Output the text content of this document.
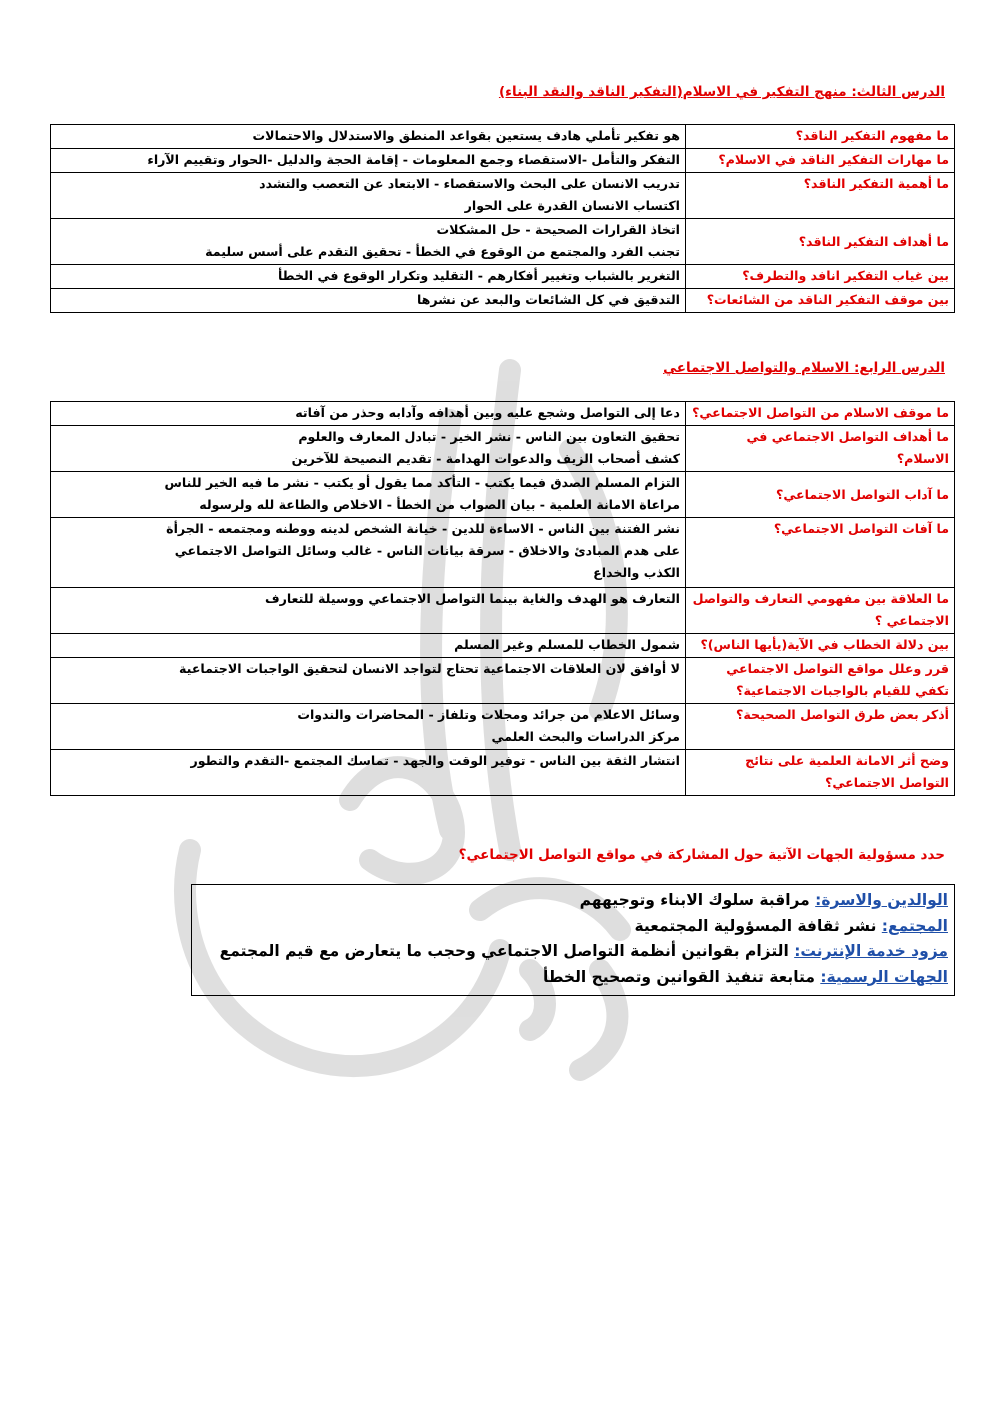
الدرس الثالث: منهج التفكير في الاسلام(التفكير الناقد والنقد البناء)
ما مفهوم التفكير الناقد؟	هو تفكير تأملي هادف يستعين بقواعد المنطق والاستدلال والاحتمالات

ما مهارات التفكير الناقد في الاسلام؟	التفكر والتأمل -الاستقصاء وجمع المعلومات - إقامة الحجة والدليل -الحوار وتقييم الآراء

ما أهمية التفكير الناقد؟	تدريب الانسان على البحث والاستقصاء - الابتعاد عن التعصب والتشدد
اكتساب الانسان القدرة على الحوار

ما أهداف التفكير الناقد؟	اتخاذ القرارات الصحيحة - حل المشكلات
تجنب الفرد والمجتمع من الوقوع في الخطأ - تحقيق التقدم على أسس سليمة

بين غياب التفكير انافد والتطرف؟	التغرير بالشباب وتغيير أفكارهم - التقليد وتكرار الوقوع في الخطأ

بين موقف التفكير الناقد من الشائعات؟	التدقيق في كل الشائعات والبعد عن نشرها
الدرس الرابع: الاسلام والتواصل الاجتماعي
ما موقف الاسلام من التواصل الاجتماعي؟	دعا إلى التواصل وشجع عليه وبين أهدافه وآدابه وحذر من آفاته

ما أهداف التواصل الاجتماعي في الاسلام؟	تحقيق التعاون بين الناس - نشر الخير - تبادل المعارف والعلوم
كشف أصحاب الزيف والدعوات الهدامة - تقديم النصيحة للآخرين

ما آداب التواصل الاجتماعي؟	التزام المسلم الصدق فيما يكتب - التأكد مما يقول أو يكتب - نشر ما فيه الخير للناس
مراعاة الامانة العلمية - بيان الصواب من الخطأ - الاخلاص والطاعة لله ولرسوله

ما آفات التواصل الاجتماعي؟	نشر الفتنة بين الناس - الاساءة للدين - خيانة الشخص لدينه ووطنه ومجتمعه - الجرأة
على هدم المبادئ والاخلاق - سرقة بيانات الناس - غالب وسائل التواصل الاجتماعي
الكذب والخداع

ما العلاقة بين مفهومي التعارف والتواصل الاجتماعي ؟	التعارف هو الهدف والغاية بينما التواصل الاجتماعي ووسيلة للتعارف

بين دلالة الخطاب في الآية(يأيها الناس)؟	شمول الخطاب للمسلم وغير المسلم

قرر وعلل مواقع التواصل الاجتماعي تكفي للقيام بالواجبات الاجتماعية؟	لا أوافق لان العلاقات الاجتماعية تحتاج لتواجد الانسان لتحقيق الواجبات الاجتماعية

أذكر بعض طرق التواصل الصحيحة؟	وسائل الاعلام من جرائد ومجلات وتلفاز - المحاضرات والندوات
مركز الدراسات والبحث العلمي

وضح أثر الامانة العلمية على نتائج التواصل الاجتماعي؟	انتشار الثقة بين الناس - توفير الوقت والجهد - تماسك المجتمع -التقدم والتطور
حدد مسؤولية الجهات الآتية حول المشاركة في مواقع التواصل الاجتماعي؟
الوالدين والاسرة: مراقبة سلوك الابناء وتوجيههم
المجتمع: نشر ثقافة المسؤولية المجتمعية
مزود خدمة الإنترنت: التزام بقوانين أنظمة التواصل الاجتماعي وحجب ما يتعارض مع قيم المجتمع
الجهات الرسمية: متابعة تنفيذ القوانين وتصحيح الخطأ
